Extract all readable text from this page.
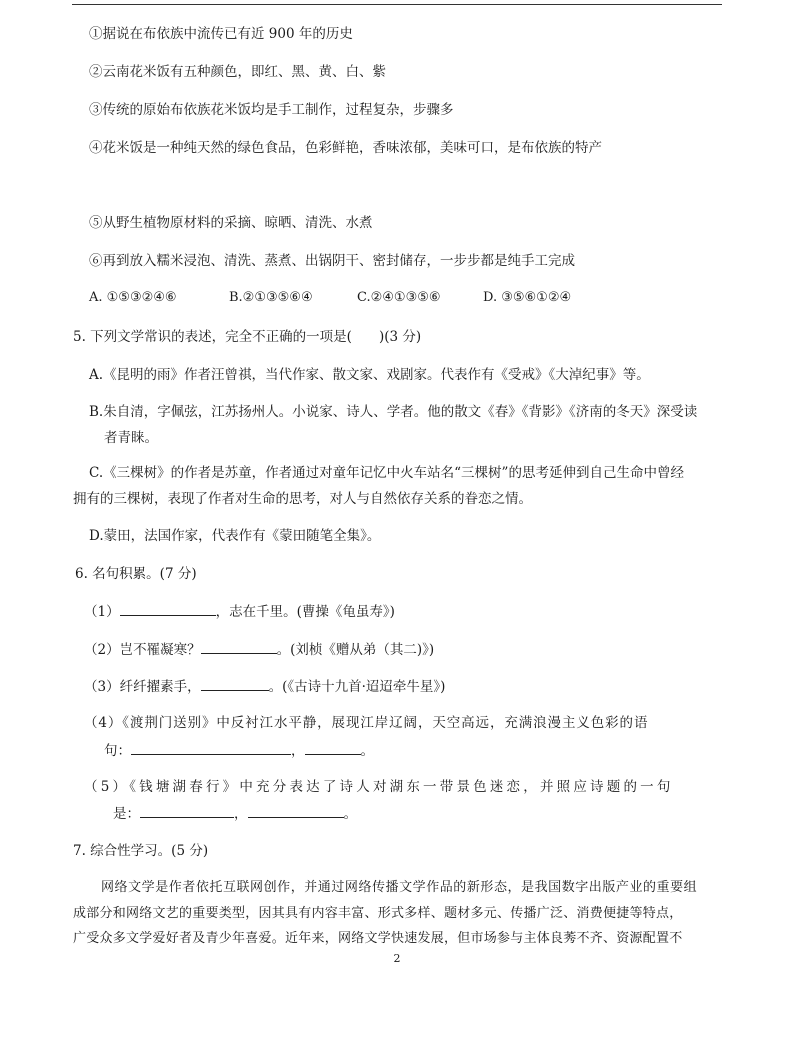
①据说在布依族中流传已有近 900 年的历史
②云南花米饭有五种颜色，即红、黑、黄、白、紫
③传统的原始布依族花米饭均是手工制作，过程复杂，步骤多
④花米饭是一种纯天然的绿色食品，色彩鲜艳，香味浓郁，美味可口，是布依族的特产
⑤从野生植物原材料的采摘、晾晒、清洗、水煮
⑥再到放入糯米浸泡、清洗、蒸煮、出锅阴干、密封储存，一步步都是纯手工完成
A. ①⑤③②④⑥	B.②①③⑤⑥④	C.②④①③⑤⑥	D. ③⑤⑥①②④
5. 下列文学常识的表述，完全不正确的一项是(　　)(3 分)
A.《昆明的雨》作者汪曾祺，当代作家、散文家、戏剧家。代表作有《受戒》《大淖纪事》等。
B.朱自清，字佩弦，江苏扬州人。小说家、诗人、学者。他的散文《春》《背影》《济南的冬天》深受读
者青睐。
C.《三棵树》的作者是苏童，作者通过对童年记忆中火车站名“三棵树”的思考延伸到自己生命中曾经
拥有的三棵树，表现了作者对生命的思考，对人与自然依存关系的眷恋之情。
D.蒙田，法国作家，代表作有《蒙田随笔全集》。
6. 名句积累。(7 分)
（1）	，志在千里。(曹操《龟虽寿》)
（2）岂不罹凝寒？	。(刘桢《赠从弟（其二)》)
（3）纤纤擢素手，	。(《古诗十九首·迢迢牵牛星》)
（4）《渡荆门送别》中反衬江水平静，展现江岸辽阔，天空高远，充满浪漫主义色彩的语
句：	，	。
（5）《钱塘湖春行》中充分表达了诗人对湖东一带景色迷恋，并照应诗题的一句
是：	，	。
7. 综合性学习。(5 分)
网络文学是作者依托互联网创作，并通过网络传播文学作品的新形态，是我国数字出版产业的重要组
成部分和网络文艺的重要类型，因其具有内容丰富、形式多样、题材多元、传播广泛、消费便捷等特点，
广受众多文学爱好者及青少年喜爱。近年来，网络文学快速发展，但市场参与主体良莠不齐、资源配置不
2
